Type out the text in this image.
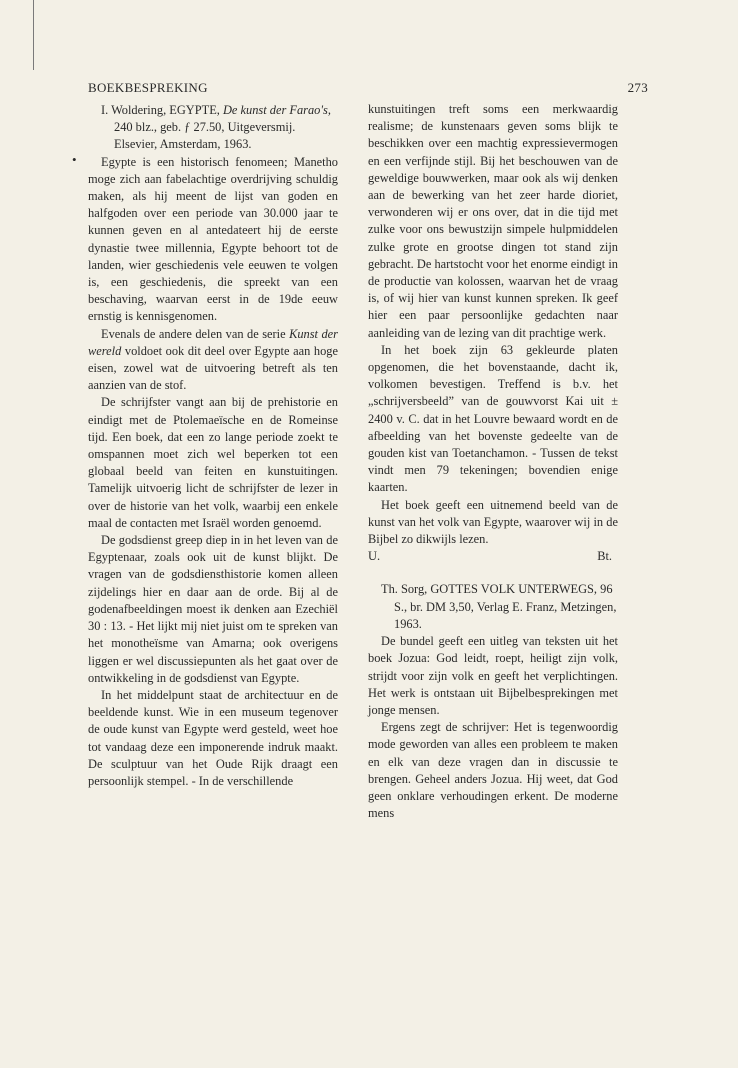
BOEKBESPREKING	273
•

I. Woldering, EGYPTE, De kunst der Farao's, 240 blz., geb. ƒ 27.50, Uitgeversmij. Elsevier, Amsterdam, 1963.

Egypte is een historisch fenomeen; Manetho moge zich aan fabelachtige overdrijving schuldig maken, als hij meent de lijst van goden en halfgoden over een periode van 30.000 jaar te kunnen geven en al antedateert hij de eerste dynastie twee millennia, Egypte behoort tot de landen, wier geschiedenis vele eeuwen te volgen is, een geschiedenis, die spreekt van een beschaving, waarvan eerst in de 19de eeuw ernstig is kennisgenomen.

Evenals de andere delen van de serie Kunst der wereld voldoet ook dit deel over Egypte aan hoge eisen, zowel wat de uitvoering betreft als ten aanzien van de stof.

De schrijfster vangt aan bij de prehistorie en eindigt met de Ptolemaeïsche en de Romeinse tijd. Een boek, dat een zo lange periode zoekt te omspannen moet zich wel beperken tot een globaal beeld van feiten en kunstuitingen. Tamelijk uitvoerig licht de schrijfster de lezer in over de historie van het volk, waarbij een enkele maal de contacten met Israël worden genoemd.

De godsdienst greep diep in in het leven van de Egyptenaar, zoals ook uit de kunst blijkt. De vragen van de godsdiensthistorie komen alleen zijdelings hier en daar aan de orde. Bij al de godenafbeeldingen moest ik denken aan Ezechiël 30 : 13. - Het lijkt mij niet juist om te spreken van het monotheïsme van Amarna; ook overigens liggen er wel discussiepunten als het gaat over de ontwikkeling in de godsdienst van Egypte.

In het middelpunt staat de architectuur en de beeldende kunst. Wie in een museum tegenover de oude kunst van Egypte werd gesteld, weet hoe tot vandaag deze een imponerende indruk maakt. De sculptuur van het Oude Rijk draagt een persoonlijk stempel. - In de verschillende

kunstuitingen treft soms een merkwaardig realisme; de kunstenaars geven soms blijk te beschikken over een machtig expressievermogen en een verfijnde stijl. Bij het beschouwen van de geweldige bouwwerken, maar ook als wij denken aan de bewerking van het zeer harde dioriet, verwonderen wij er ons over, dat in die tijd met zulke voor ons bewustzijn simpele hulpmiddelen zulke grote en grootse dingen tot stand zijn gebracht. De hartstocht voor het enorme eindigt in de productie van kolossen, waarvan het de vraag is, of wij hier van kunst kunnen spreken. Ik geef hier een paar persoonlijke gedachten naar aanleiding van de lezing van dit prachtige werk.

In het boek zijn 63 gekleurde platen opgenomen, die het bovenstaande, dacht ik, volkomen bevestigen. Treffend is b.v. het „schrijversbeeld” van de gouwvorst Kai uit ± 2400 v. C. dat in het Louvre bewaard wordt en de afbeelding van het bovenste gedeelte van de gouden kist van Toetanchamon. - Tussen de tekst vindt men 79 tekeningen; bovendien enige kaarten.

Het boek geeft een uitnemend beeld van de kunst van het volk van Egypte, waarover wij in de Bijbel zo dikwijls lezen.

U.	Bt.

Th. Sorg, GOTTES VOLK UNTERWEGS, 96 S., br. DM 3,50, Verlag E. Franz, Metzingen, 1963.

De bundel geeft een uitleg van teksten uit het boek Jozua: God leidt, roept, heiligt zijn volk, strijdt voor zijn volk en geeft het verplichtingen. Het werk is ontstaan uit Bijbelbesprekingen met jonge mensen.

Ergens zegt de schrijver: Het is tegenwoordig mode geworden van alles een probleem te maken en elk van deze vragen dan in discussie te brengen. Geheel anders Jozua. Hij weet, dat God geen onklare verhoudingen erkent. De moderne mens
